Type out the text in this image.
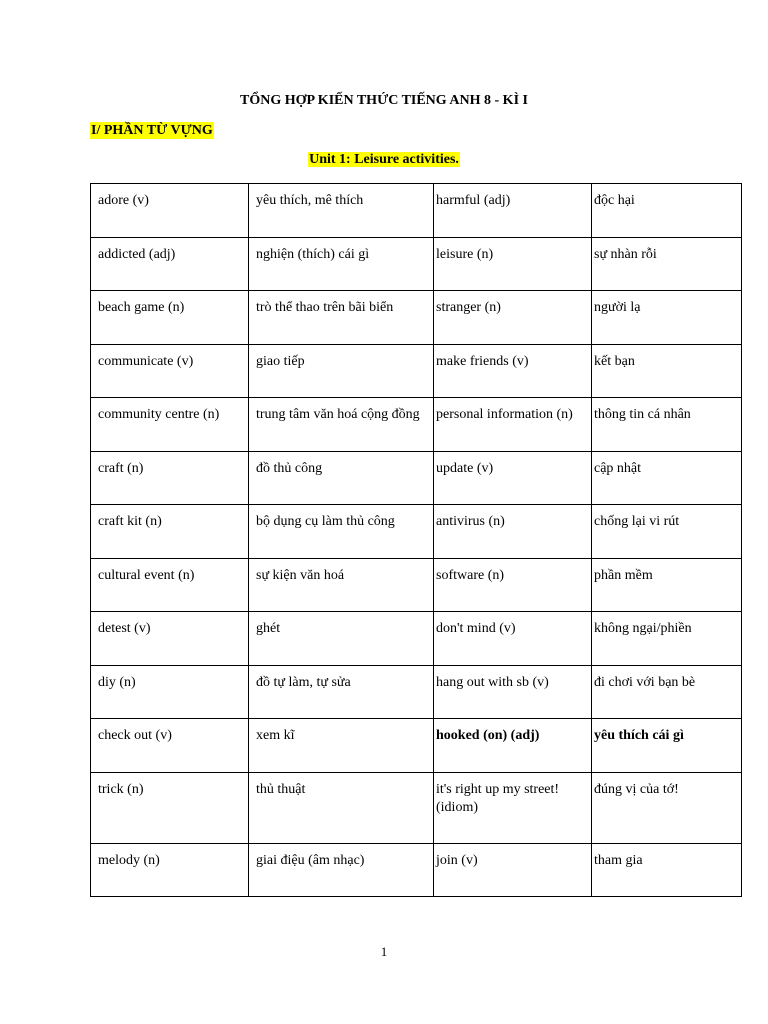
TỔNG HỢP KIẾN THỨC TIẾNG ANH 8 - KÌ I
I/ PHẦN TỪ VỰNG
Unit 1: Leisure activities.
adore (v)	yêu thích, mê thích	harmful (adj)	độc hại
addicted (adj)	nghiện (thích) cái gì	leisure (n)	sự nhàn rỗi
beach game (n)	trò thể thao trên bãi biển	stranger (n)	người lạ
communicate (v)	giao tiếp	make friends (v)	kết bạn
community centre (n)	trung tâm văn hoá cộng đồng	personal information (n)	thông tin cá nhân
craft (n)	đồ thủ công	update (v)	cập nhật
craft kit (n)	bộ dụng cụ làm thủ công	antivirus (n)	chống lại vi rút
cultural event (n)	sự kiện văn hoá	software (n)	phần mềm
detest (v)	ghét	don't mind (v)	không ngại/phiền
diy (n)	đồ tự làm, tự sửa	hang out with sb (v)	đi chơi với bạn bè
check out (v)	xem kĩ	hooked (on) (adj)	yêu thích cái gì
trick (n)	thủ thuật	it's right up my street! (idiom)	đúng vị của tớ!
melody (n)	giai điệu (âm nhạc)	join (v)	tham gia
1
